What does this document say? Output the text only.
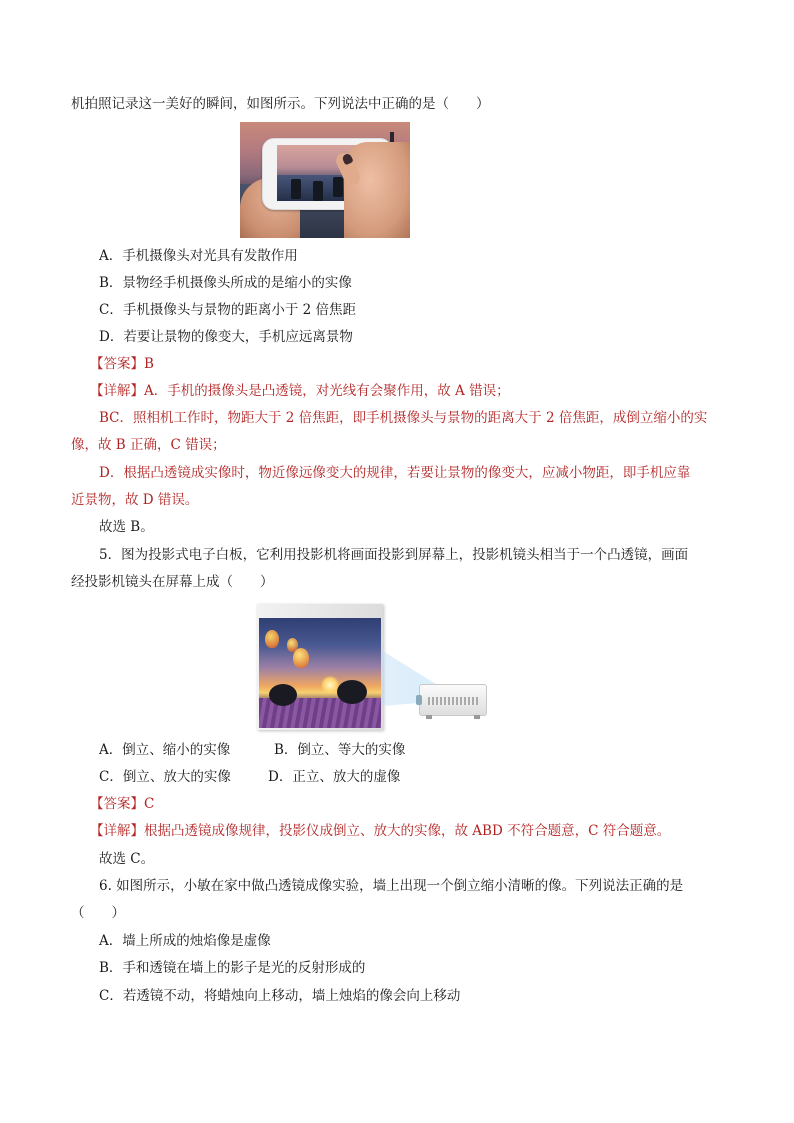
机拍照记录这一美好的瞬间，如图所示。下列说法中正确的是（　　）
A．手机摄像头对光具有发散作用
B．景物经手机摄像头所成的是缩小的实像
C．手机摄像头与景物的距离小于 2 倍焦距
D．若要让景物的像变大，手机应远离景物
【答案】B
【详解】A．手机的摄像头是凸透镜，对光线有会聚作用，故 A 错误；
BC．照相机工作时，物距大于 2 倍焦距，即手机摄像头与景物的距离大于 2 倍焦距，成倒立缩小的实
像，故 B 正确，C 错误；
D．根据凸透镜成实像时，物近像远像变大的规律，若要让景物的像变大，应减小物距，即手机应靠
近景物，故 D 错误。
故选 B。
5．图为投影式电子白板，它利用投影机将画面投影到屏幕上，投影机镜头相当于一个凸透镜，画面
经投影机镜头在屏幕上成（　　）
A．倒立、缩小的实像	B．倒立、等大的实像
C．倒立、放大的实像	D．正立、放大的虚像
【答案】C
【详解】根据凸透镜成像规律，投影仪成倒立、放大的实像，故 ABD 不符合题意，C 符合题意。
故选 C。
6. 如图所示，小敏在家中做凸透镜成像实验，墙上出现一个倒立缩小清晰的像。下列说法正确的是
（　　）
A．墙上所成的烛焰像是虚像
B．手和透镜在墙上的影子是光的反射形成的
C．若透镜不动，将蜡烛向上移动，墙上烛焰的像会向上移动
